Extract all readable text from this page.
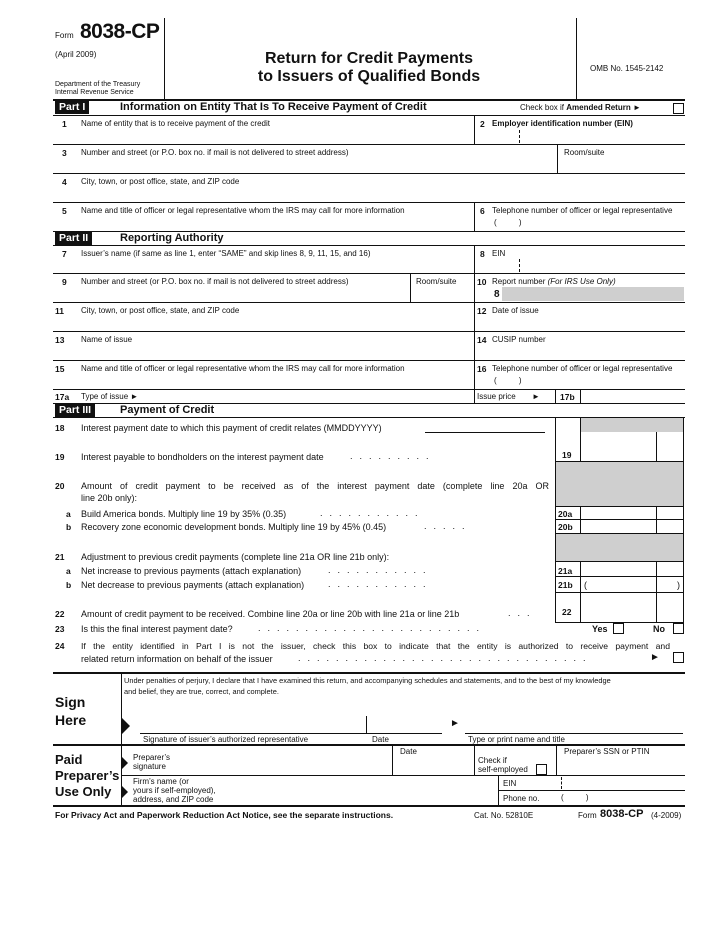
Form 8038-CP
(April 2009)
Department of the Treasury
Internal Revenue Service
Return for Credit Payments
to Issuers of Qualified Bonds	OMB No. 1545-2142
Part I	Information on Entity That Is To Receive Payment of Credit	Check box if Amended Return ►
1 Name of entity that is to receive payment of the credit	2 Employer identification number (EIN)
3 Number and street (or P.O. box no. if mail is not delivered to street address)	Room/suite
4 City, town, or post office, state, and ZIP code
5 Name and title of officer or legal representative whom the IRS may call for more information	6 Telephone number of officer or legal representative
(          )
Part II	Reporting Authority
7 Issuer’s name (if same as line 1, enter “SAME” and skip lines 8, 9, 11, 15, and 16)	8 EIN
9 Number and street (or P.O. box no. if mail is not delivered to street address)	Room/suite 10 Report number (For IRS Use Only)
8
11 City, town, or post office, state, and ZIP code	12 Date of issue
13 Name of issue	14 CUSIP number
15 Name and title of officer or legal representative whom the IRS may call for more information	16 Telephone number of officer or legal representative
(          )
17a Type of issue ►	Issue price ► 17b
Part III	Payment of Credit
18 Interest payment date to which this payment of credit relates (MMDDYYYY)
19 Interest payable to bondholders on the interest payment date	.........	19
20 Amount of credit payment to be received as of the interest payment date (complete line 20a OR
line 20b only):
a Build America bonds. Multiply line 19 by 35% (0.35)	...........	20a
b Recovery zone economic development bonds. Multiply line 19 by 45% (0.45)	.....	20b
21 Adjustment to previous credit payments (complete line 21a OR line 21b only):
a Net increase to previous payments (attach explanation)	...........	21a
b Net decrease to previous payments (attach explanation)	...........	21b (	)
22 Amount of credit payment to be received. Combine line 20a or line 20b with line 21a or line 21b	...	22
23 Is this the final interest payment date?	........................	Yes	No
24 If the entity identified in Part I is not the issuer, check this box to indicate that the entity is authorized to receive payment and
related return information on behalf of the issuer	...............................	►
Sign
Here
Under penalties of perjury, I declare that I have examined this return, and accompanying schedules and statements, and to the best of my knowledge
and belief, they are true, correct, and complete.
►
Signature of issuer’s authorized representative	Date	Type or print name and title
Paid
Preparer’s
Use Only
Preparer’s
signature
Date
Check if
self-employed
Preparer’s SSN or PTIN
Firm’s name (or
yours if self-employed),
address, and ZIP code
EIN
Phone no.	(          )
For Privacy Act and Paperwork Reduction Act Notice, see the separate instructions.	Cat. No. 52810E	Form 8038-CP (4-2009)
